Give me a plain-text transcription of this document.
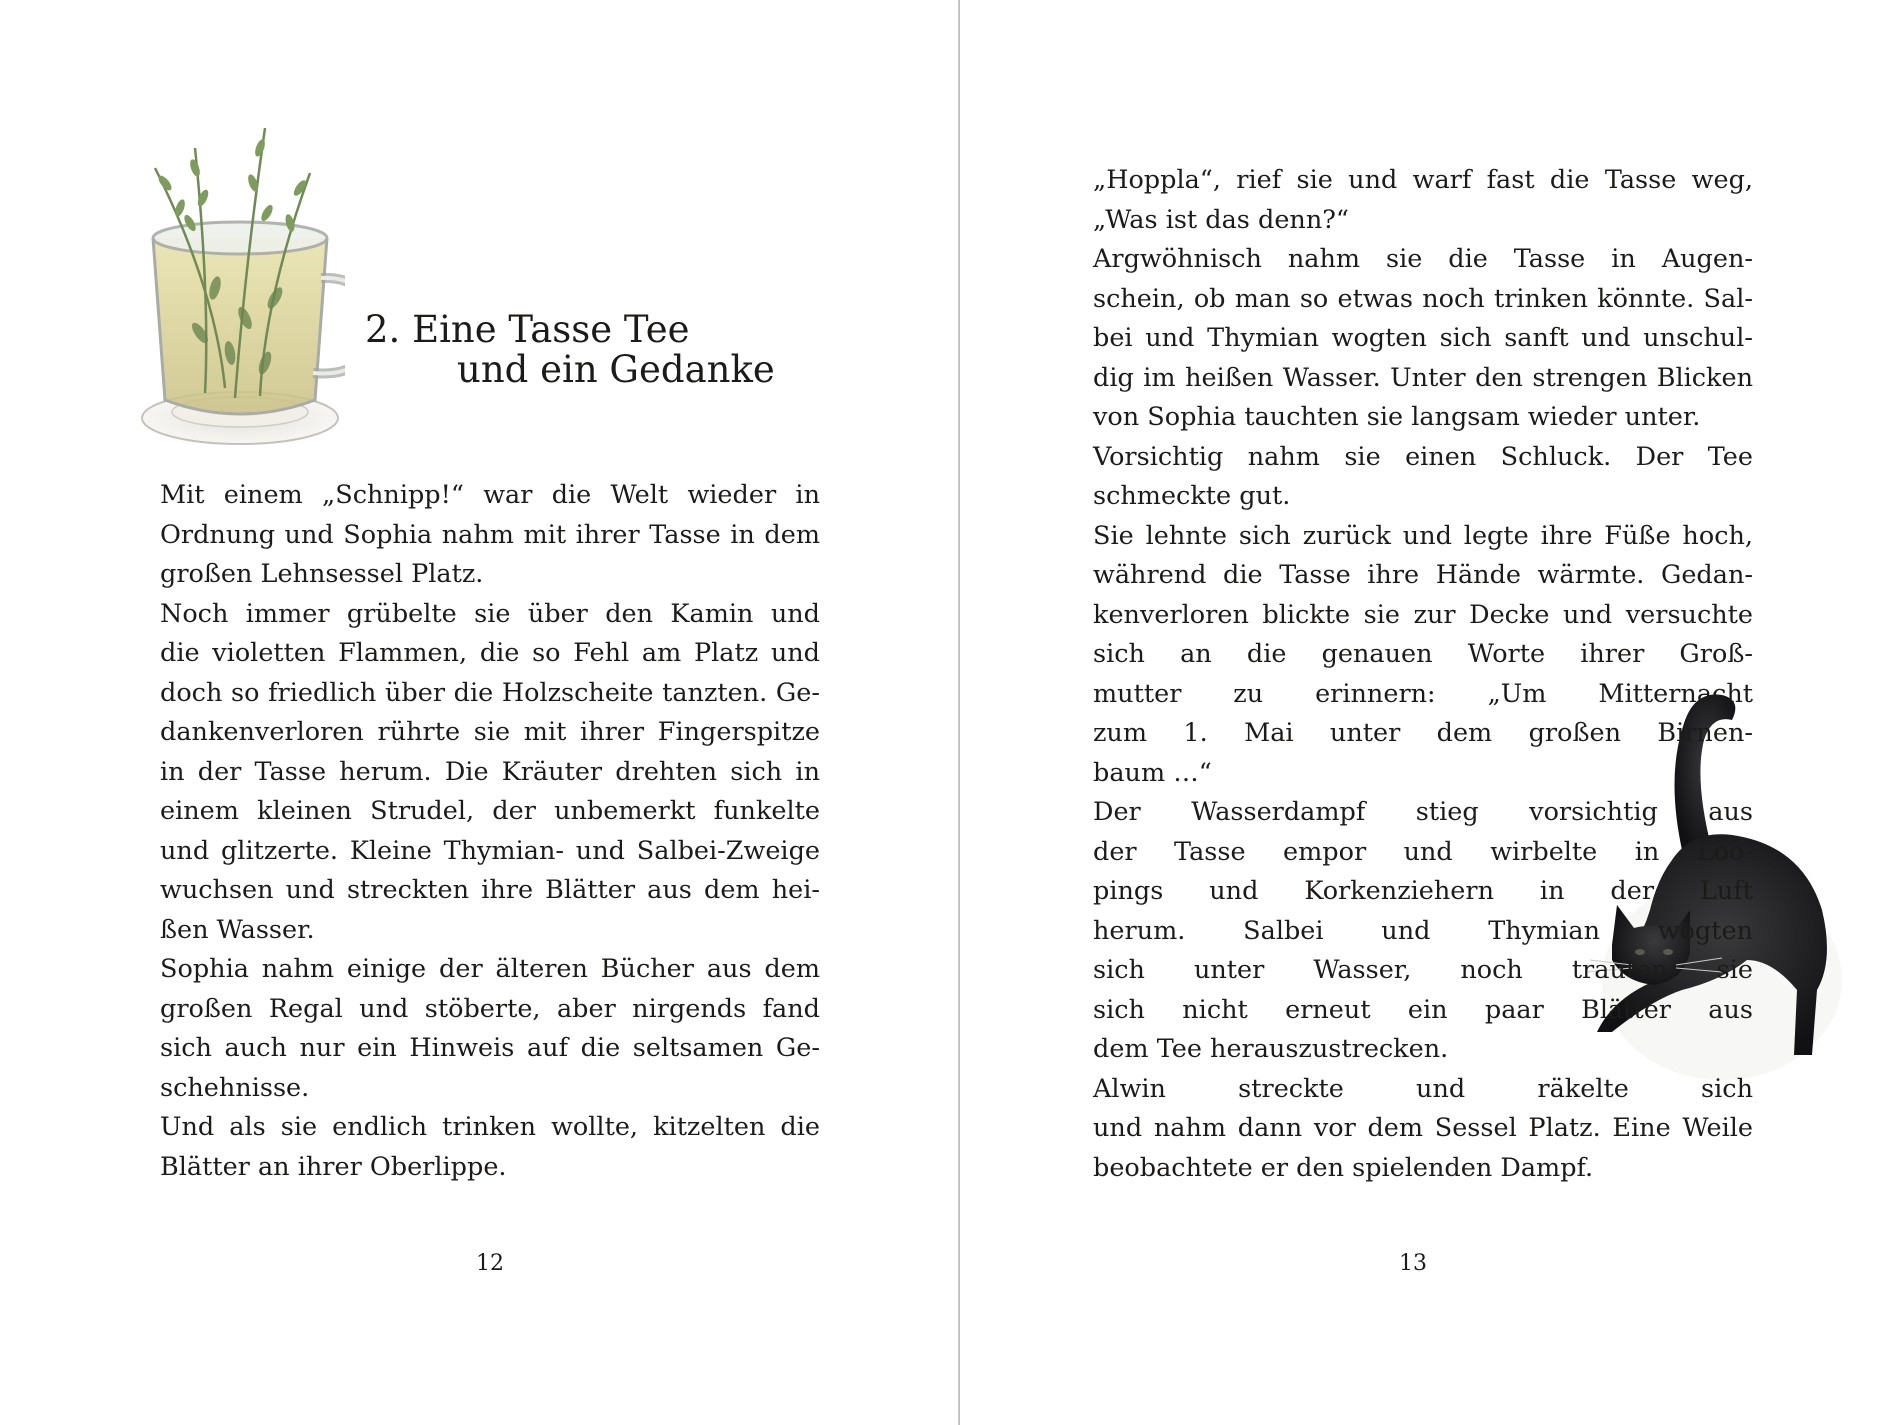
2. Eine Tasse Tee
und ein Gedanke

Mit einem „Schnipp!“ war die Welt wieder in
Ordnung und Sophia nahm mit ihrer Tasse in dem
großen Lehnsessel Platz.

Noch immer grübelte sie über den Kamin und
die violetten Flammen, die so Fehl am Platz und
doch so friedlich über die Holzscheite tanzten. Ge-
dankenverloren rührte sie mit ihrer Fingerspitze
in der Tasse herum. Die Kräuter drehten sich in
einem kleinen Strudel, der unbemerkt funkelte
und glitzerte. Kleine Thymian- und Salbei-Zweige
wuchsen und streckten ihre Blätter aus dem hei-
ßen Wasser.

Sophia nahm einige der älteren Bücher aus dem
großen Regal und stöberte, aber nirgends fand
sich auch nur ein Hinweis auf die seltsamen Ge-
schehnisse.

Und als sie endlich trinken wollte, kitzelten die
Blätter an ihrer Oberlippe.

12

„Hoppla“, rief sie und warf fast die Tasse weg,
„Was ist das denn?“

Argwöhnisch nahm sie die Tasse in Augen-
schein, ob man so etwas noch trinken könnte. Sal-
bei und Thymian wogten sich sanft und unschul-
dig im heißen Wasser. Unter den strengen Blicken
von Sophia tauchten sie langsam wieder unter.

Vorsichtig nahm sie einen Schluck. Der Tee
schmeckte gut.

Sie lehnte sich zurück und legte ihre Füße hoch,
während die Tasse ihre Hände wärmte. Gedan-
kenverloren blickte sie zur Decke und versuchte
sich an die genauen Worte ihrer Groß-
mutter zu erinnern: „Um Mitternacht
zum 1. Mai unter dem großen Birnen-
baum …“

Der Wasserdampf stieg vorsichtig aus
der Tasse empor und wirbelte in Loo-
pings und Korkenziehern in der Luft
herum. Salbei und Thymian wogten
sich unter Wasser, noch trauten sie
sich nicht erneut ein paar Blätter aus
dem Tee herauszustrecken.

Alwin streckte und räkelte sich
und nahm dann vor dem Sessel Platz. Eine Weile
beobachtete er den spielenden Dampf.

13
